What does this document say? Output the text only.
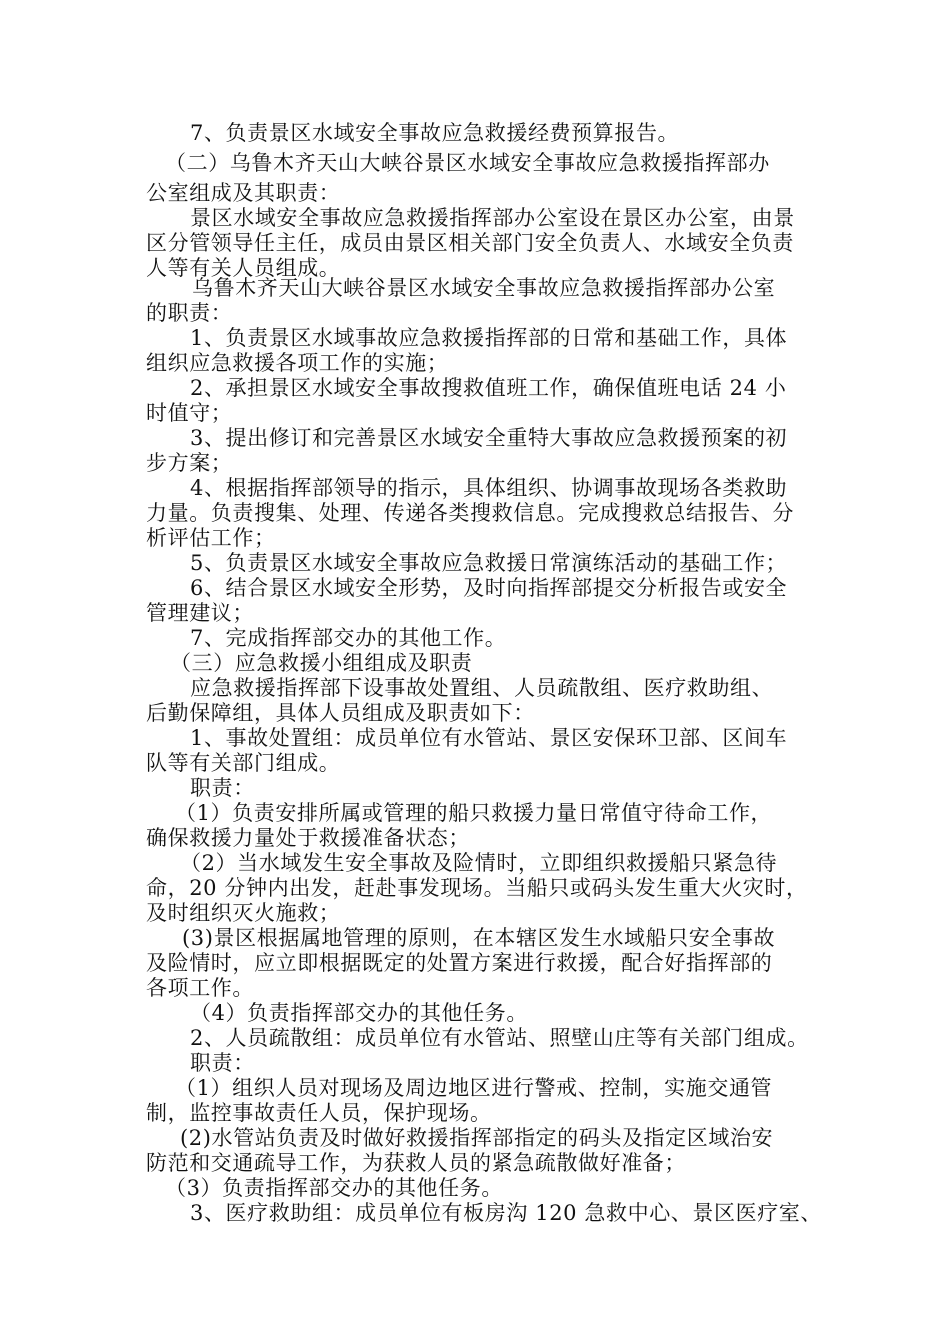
7、负责景区水域安全事故应急救援经费预算报告。
（二）乌鲁木齐天山大峡谷景区水域安全事故应急救援指挥部办
公室组成及其职责：
景区水域安全事故应急救援指挥部办公室设在景区办公室，由景
区分管领导任主任，成员由景区相关部门安全负责人、水域安全负责
人等有关人员组成。
乌鲁木齐天山大峡谷景区水域安全事故应急救援指挥部办公室
的职责：
1、负责景区水域事故应急救援指挥部的日常和基础工作，具体
组织应急救援各项工作的实施；
2、承担景区水域安全事故搜救值班工作，确保值班电话 24 小
时值守；
3、提出修订和完善景区水域安全重特大事故应急救援预案的初
步方案；
4、根据指挥部领导的指示，具体组织、协调事故现场各类救助
力量。负责搜集、处理、传递各类搜救信息。完成搜救总结报告、分
析评估工作；
5、负责景区水域安全事故应急救援日常演练活动的基础工作；
6、结合景区水域安全形势，及时向指挥部提交分析报告或安全
管理建议；
7、完成指挥部交办的其他工作。
（三）应急救援小组组成及职责
应急救援指挥部下设事故处置组、人员疏散组、医疗救助组、
后勤保障组，具体人员组成及职责如下：
1、事故处置组：成员单位有水管站、景区安保环卫部、区间车
队等有关部门组成。
职责：
（1）负责安排所属或管理的船只救援力量日常值守待命工作，
确保救援力量处于救援准备状态；
（2）当水域发生安全事故及险情时，立即组织救援船只紧急待
命，20 分钟内出发，赶赴事发现场。当船只或码头发生重大火灾时，
及时组织灭火施救；
(3)景区根据属地管理的原则，在本辖区发生水域船只安全事故
及险情时，应立即根据既定的处置方案进行救援，配合好指挥部的
各项工作。
（4）负责指挥部交办的其他任务。
2、人员疏散组：成员单位有水管站、照壁山庄等有关部门组成。
职责：
（1）组织人员对现场及周边地区进行警戒、控制，实施交通管
制，监控事故责任人员，保护现场。
(2)水管站负责及时做好救援指挥部指定的码头及指定区域治安
防范和交通疏导工作，为获救人员的紧急疏散做好准备；
（3）负责指挥部交办的其他任务。
3、医疗救助组：成员单位有板房沟 120 急救中心、景区医疗室、
